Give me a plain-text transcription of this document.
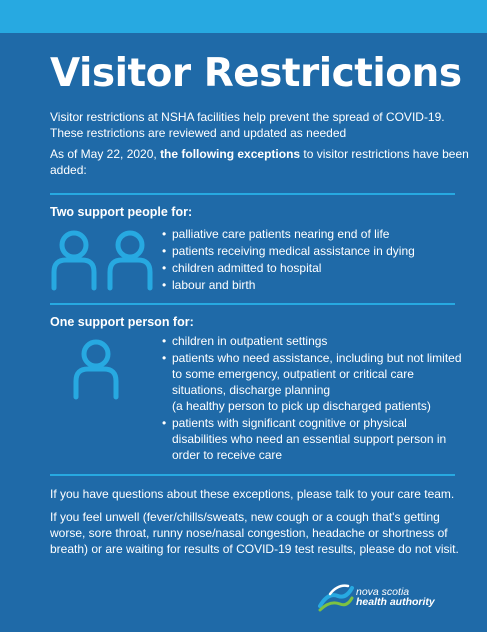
Visitor Restrictions

Visitor restrictions at NSHA facilities help prevent the spread of COVID-19. These restrictions are reviewed and updated as needed

As of May 22, 2020, the following exceptions to visitor restrictions have been added:

Two support people for:
• palliative care patients nearing end of life
• patients receiving medical assistance in dying
• children admitted to hospital
• labour and birth
One support person for:
• children in outpatient settings
• patients who need assistance, including but not limited to some emergency, outpatient or critical care situations, discharge planning
(a healthy person to pick up discharged patients)
• patients with significant cognitive or physical disabilities who need an essential support person in order to receive care

If you have questions about these exceptions, please talk to your care team.

If you feel unwell (fever/chills/sweats, new cough or a cough that's getting worse, sore throat, runny nose/nasal congestion, headache or shortness of breath) or are waiting for results of COVID-19 test results, please do not visit.

nova scotia
health authority
